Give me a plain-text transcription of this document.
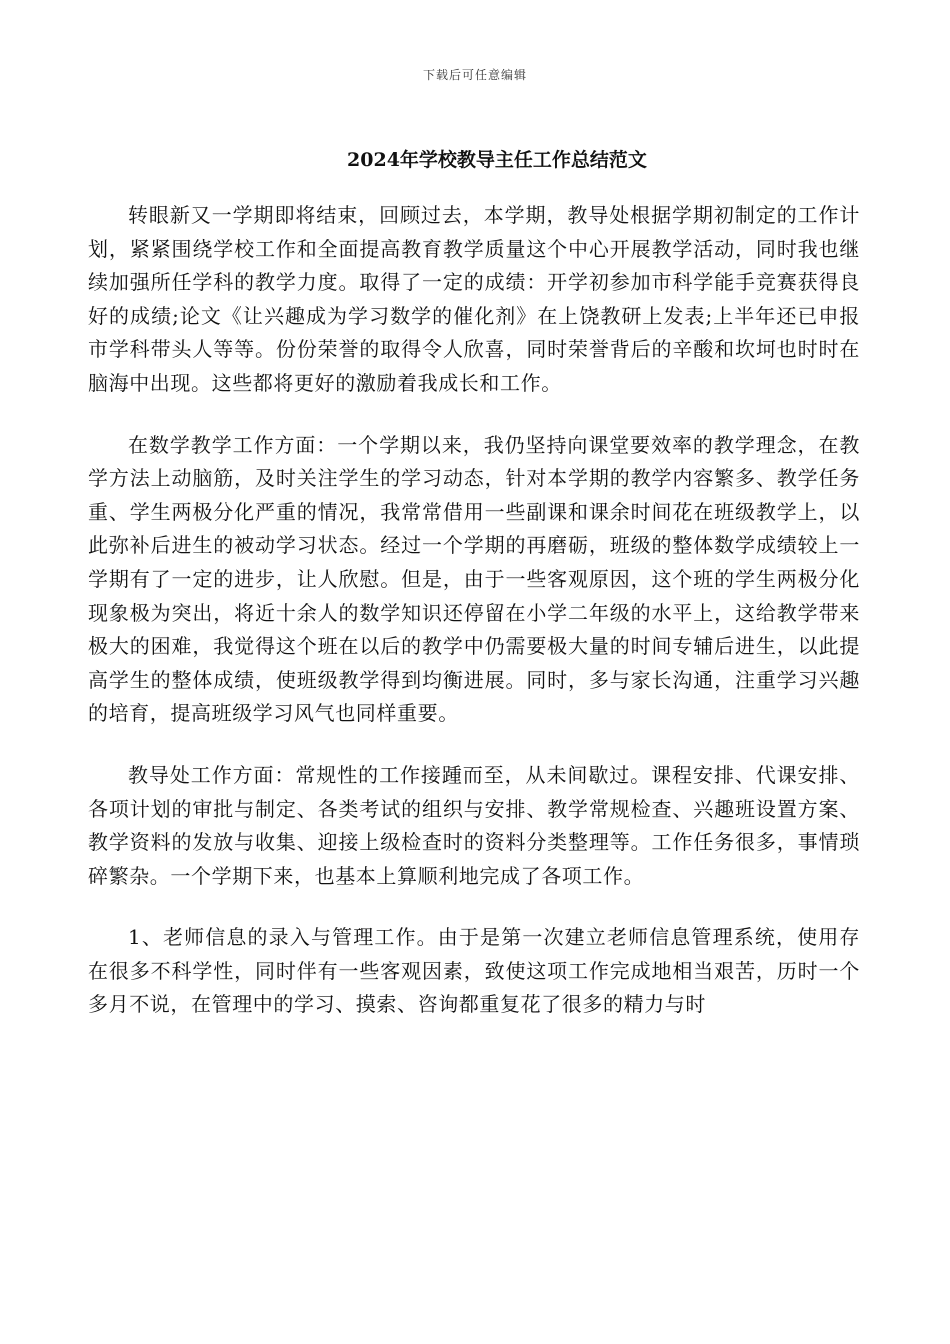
下载后可任意编辑
2024年学校教导主任工作总结范文

转眼新又一学期即将结束，回顾过去，本学期，教导处根据学期初制定的工作计划，紧紧围绕学校工作和全面提高教育教学质量这个中心开展教学活动，同时我也继续加强所任学科的教学力度。取得了一定的成绩：开学初参加市科学能手竞赛获得良好的成绩;论文《让兴趣成为学习数学的催化剂》在上饶教研上发表;上半年还已申报市学科带头人等等。份份荣誉的取得令人欣喜，同时荣誉背后的辛酸和坎坷也时时在脑海中出现。这些都将更好的激励着我成长和工作。

在数学教学工作方面：一个学期以来，我仍坚持向课堂要效率的教学理念，在教学方法上动脑筋，及时关注学生的学习动态，针对本学期的教学内容繁多、教学任务重、学生两极分化严重的情况，我常常借用一些副课和课余时间花在班级教学上，以此弥补后进生的被动学习状态。经过一个学期的再磨砺，班级的整体数学成绩较上一学期有了一定的进步，让人欣慰。但是，由于一些客观原因，这个班的学生两极分化现象极为突出，将近十余人的数学知识还停留在小学二年级的水平上，这给教学带来极大的困难，我觉得这个班在以后的教学中仍需要极大量的时间专辅后进生，以此提高学生的整体成绩，使班级教学得到均衡进展。同时，多与家长沟通，注重学习兴趣的培育，提高班级学习风气也同样重要。

教导处工作方面：常规性的工作接踵而至，从未间歇过。课程安排、代课安排、各项计划的审批与制定、各类考试的组织与安排、教学常规检查、兴趣班设置方案、教学资料的发放与收集、迎接上级检查时的资料分类整理等。工作任务很多，事情琐碎繁杂。一个学期下来，也基本上算顺利地完成了各项工作。

1、老师信息的录入与管理工作。由于是第一次建立老师信息管理系统，使用存在很多不科学性，同时伴有一些客观因素，致使这项工作完成地相当艰苦，历时一个多月不说，在管理中的学习、摸索、咨询都重复花了很多的精力与时
